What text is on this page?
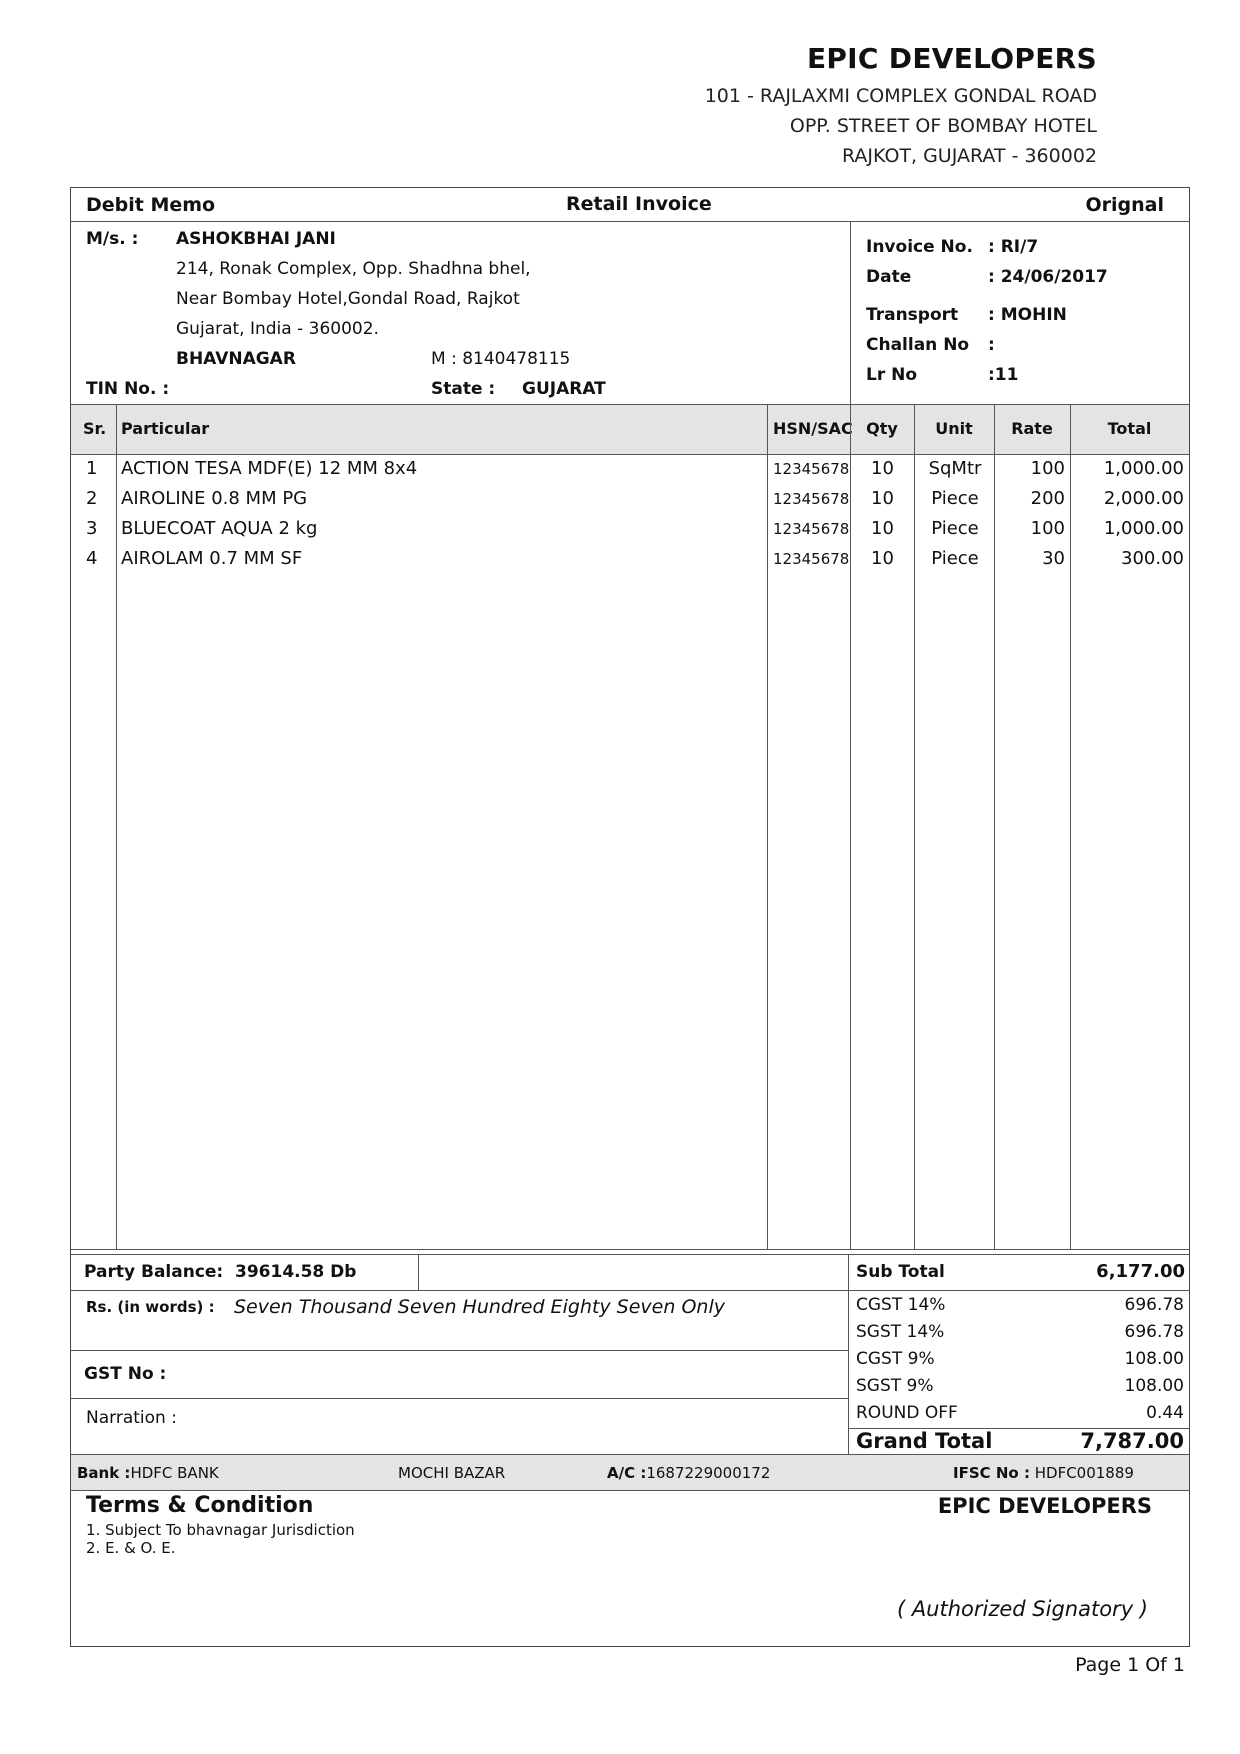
EPIC DEVELOPERS
101 - RAJLAXMI COMPLEX GONDAL ROAD
OPP. STREET OF BOMBAY HOTEL
RAJKOT, GUJARAT - 360002
Debit Memo	Retail Invoice	Orignal
M/s. : ASHOKBHAI JANI
214, Ronak Complex, Opp. Shadhna bhel,
Near Bombay Hotel,Gondal Road, Rajkot
Gujarat, India - 360002.
BHAVNAGAR	M : 8140478115
TIN No. :	State : GUJARAT
Invoice No. : RI/7
Date	: 24/06/2017
Transport : MOHIN
Challan No :
Lr No	:11
Sr. Particular	HSN/SAC Qty	Unit	Rate	Total
1 ACTION TESA MDF(E) 12 MM 8x4	12345678	10	SqMtr	100 1,000.00
2 AIROLINE 0.8 MM PG	12345678	10	Piece	200 2,000.00
3 BLUECOAT AQUA 2 kg	12345678	10	Piece	100 1,000.00
4 AIROLAM 0.7 MM SF	12345678	10	Piece	30	300.00
Party Balance: 39614.58 Db
Rs. (in words) : Seven Thousand Seven Hundred Eighty Seven Only
GST No :
Narration :
Sub Total	6,177.00
CGST 14%	696.78
SGST 14%	696.78
CGST 9%	108.00
SGST 9%	108.00
ROUND OFF	0.44
Grand Total	7,787.00
Bank :HDFC BANK	MOCHI BAZAR	A/C :1687229000172	IFSC No : HDFC001889
Terms & Condition
1. Subject To bhavnagar Jurisdiction
2. E. & O. E.
EPIC DEVELOPERS
( Authorized Signatory )
Page 1 Of 1
